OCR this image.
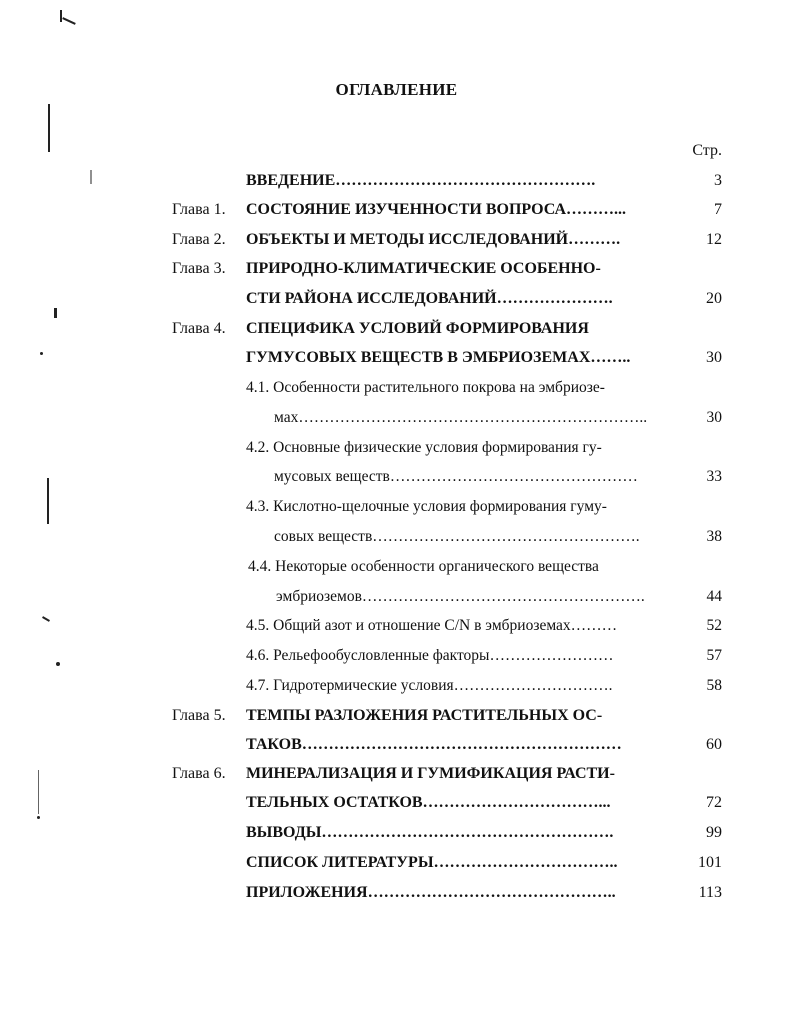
ОГЛАВЛЕНИЕ
Стр.
ВВЕДЕНИЕ………………………………………….	3
Глава 1. СОСТОЯНИЕ ИЗУЧЕННОСТИ ВОПРОСА………...	7
Глава 2. ОБЪЕКТЫ И МЕТОДЫ ИССЛЕДОВАНИЙ……….	12
Глава 3. ПРИРОДНО-КЛИМАТИЧЕСКИЕ ОСОБЕННО-
СТИ РАЙОНА ИССЛЕДОВАНИЙ………………….	20
Глава 4. СПЕЦИФИКА УСЛОВИЙ ФОРМИРОВАНИЯ
ГУМУСОВЫХ ВЕЩЕСТВ В ЭМБРИОЗЕМАХ……..	30
4.1. Особенности растительного покрова на эмбриозе-
мах…………………………………………………………..	30
4.2. Основные физические условия формирования гу-
мусовых веществ…………………………………………	33
4.3. Кислотно-щелочные условия формирования гуму-
совых веществ…………………………………………….	38
4.4. Некоторые особенности органического вещества
эмбриоземов……………………………………………….	44
4.5. Общий азот и отношение C/N в эмбриоземах………	52
4.6. Рельефообусловленные факторы……………………	57
4.7. Гидротермические условия………………………….	58
Глава 5. ТЕМПЫ РАЗЛОЖЕНИЯ РАСТИТЕЛЬНЫХ ОС-
ТАКОВ……………………………………………………	60
Глава 6. МИНЕРАЛИЗАЦИЯ И ГУМИФИКАЦИЯ РАСТИ-
ТЕЛЬНЫХ ОСТАТКОВ……………………………...	72
ВЫВОДЫ……………………………………………….	99
СПИСОК ЛИТЕРАТУРЫ……………………………..	101
ПРИЛОЖЕНИЯ………………………………………..	113
